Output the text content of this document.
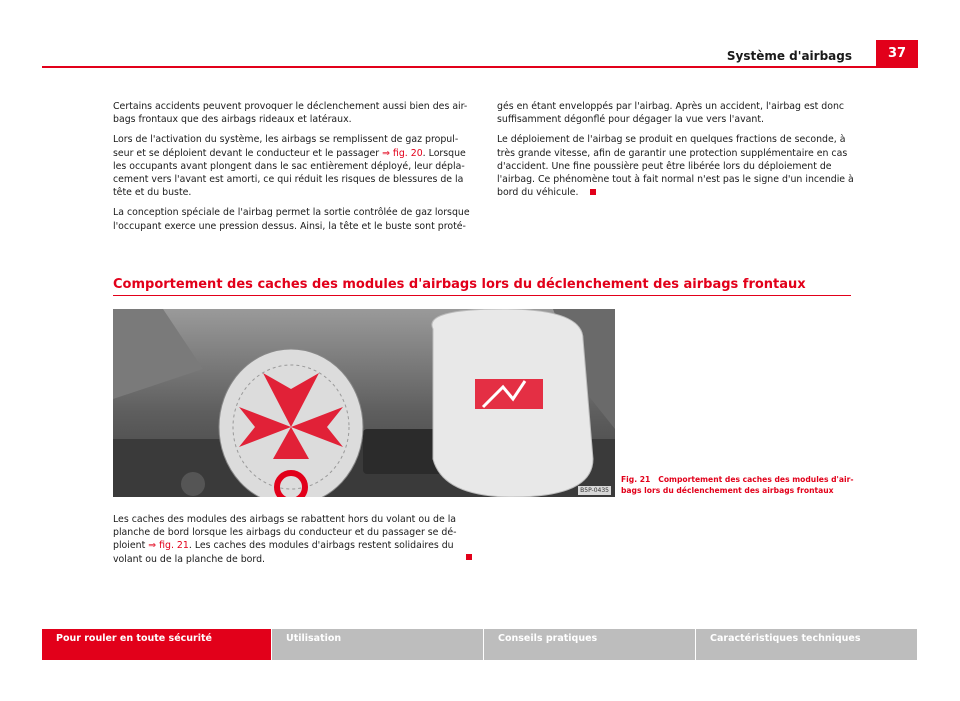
Système d'airbags	37

Certains accidents peuvent provoquer le déclenchement aussi bien des air-bags frontaux que des airbags rideaux et latéraux.

Lors de l'activation du système, les airbags se remplissent de gaz propul-seur et se déploient devant le conducteur et le passager ⇒ fig. 20. Lorsque les occupants avant plongent dans le sac entièrement déployé, leur dépla-cement vers l'avant est amorti, ce qui réduit les risques de blessures de la tête et du buste.

La conception spéciale de l'airbag permet la sortie contrôlée de gaz lorsque l'occupant exerce une pression dessus. Ainsi, la tête et le buste sont proté-

gés en étant enveloppés par l'airbag. Après un accident, l'airbag est donc suffisamment dégonflé pour dégager la vue vers l'avant.

Le déploiement de l'airbag se produit en quelques fractions de seconde, à très grande vitesse, afin de garantir une protection supplémentaire en cas d'accident. Une fine poussière peut être libérée lors du déploiement de l'airbag. Ce phénomène tout à fait normal n'est pas le signe d'un incendie à bord du véhicule.

Comportement des caches des modules d'airbags lors du déclenchement des airbags frontaux
B5P-0435
Fig. 21 Comportement des caches des modules d'air-bags lors du déclenchement des airbags frontaux

Les caches des modules des airbags se rabattent hors du volant ou de la planche de bord lorsque les airbags du conducteur et du passager se dé-ploient ⇒ fig. 21. Les caches des modules d'airbags restent solidaires du volant ou de la planche de bord.

Pour rouler en toute sécurité	Utilisation	Conseils pratiques	Caractéristiques techniques
